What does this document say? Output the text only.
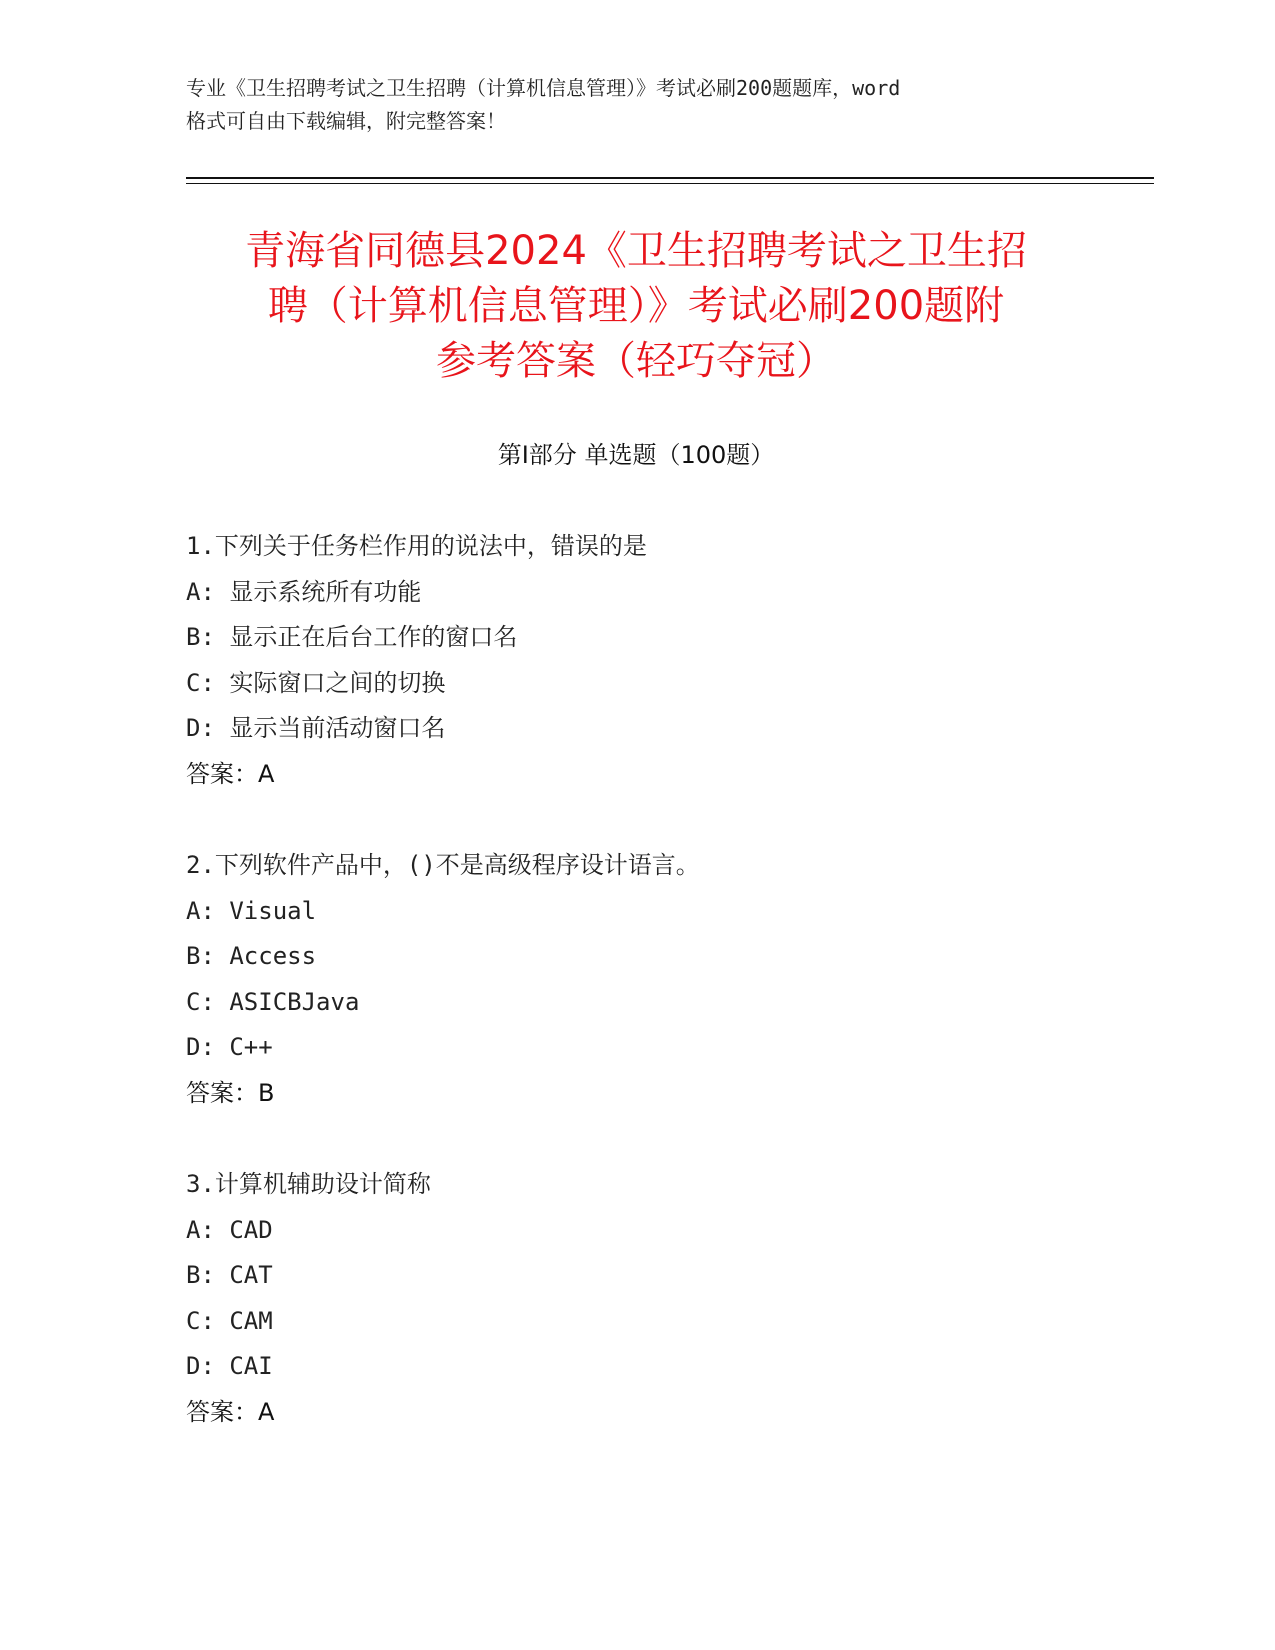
专业《卫生招聘考试之卫生招聘（计算机信息管理）》考试必刷200题题库，word
格式可自由下载编辑，附完整答案！
青海省同德县2024《卫生招聘考试之卫生招
聘（计算机信息管理）》考试必刷200题附
参考答案（轻巧夺冠）
第Ⅰ部分 单选题（100题）
1.下列关于任务栏作用的说法中，错误的是
A: 显示系统所有功能
B: 显示正在后台工作的窗口名
C: 实际窗口之间的切换
D: 显示当前活动窗口名
答案：A
2.下列软件产品中，()不是高级程序设计语言。
A: Visual
B: Access
C: ASICBJava
D: C++
答案：B
3.计算机辅助设计简称
A: CAD
B: CAT
C: CAM
D: CAI
答案：A
